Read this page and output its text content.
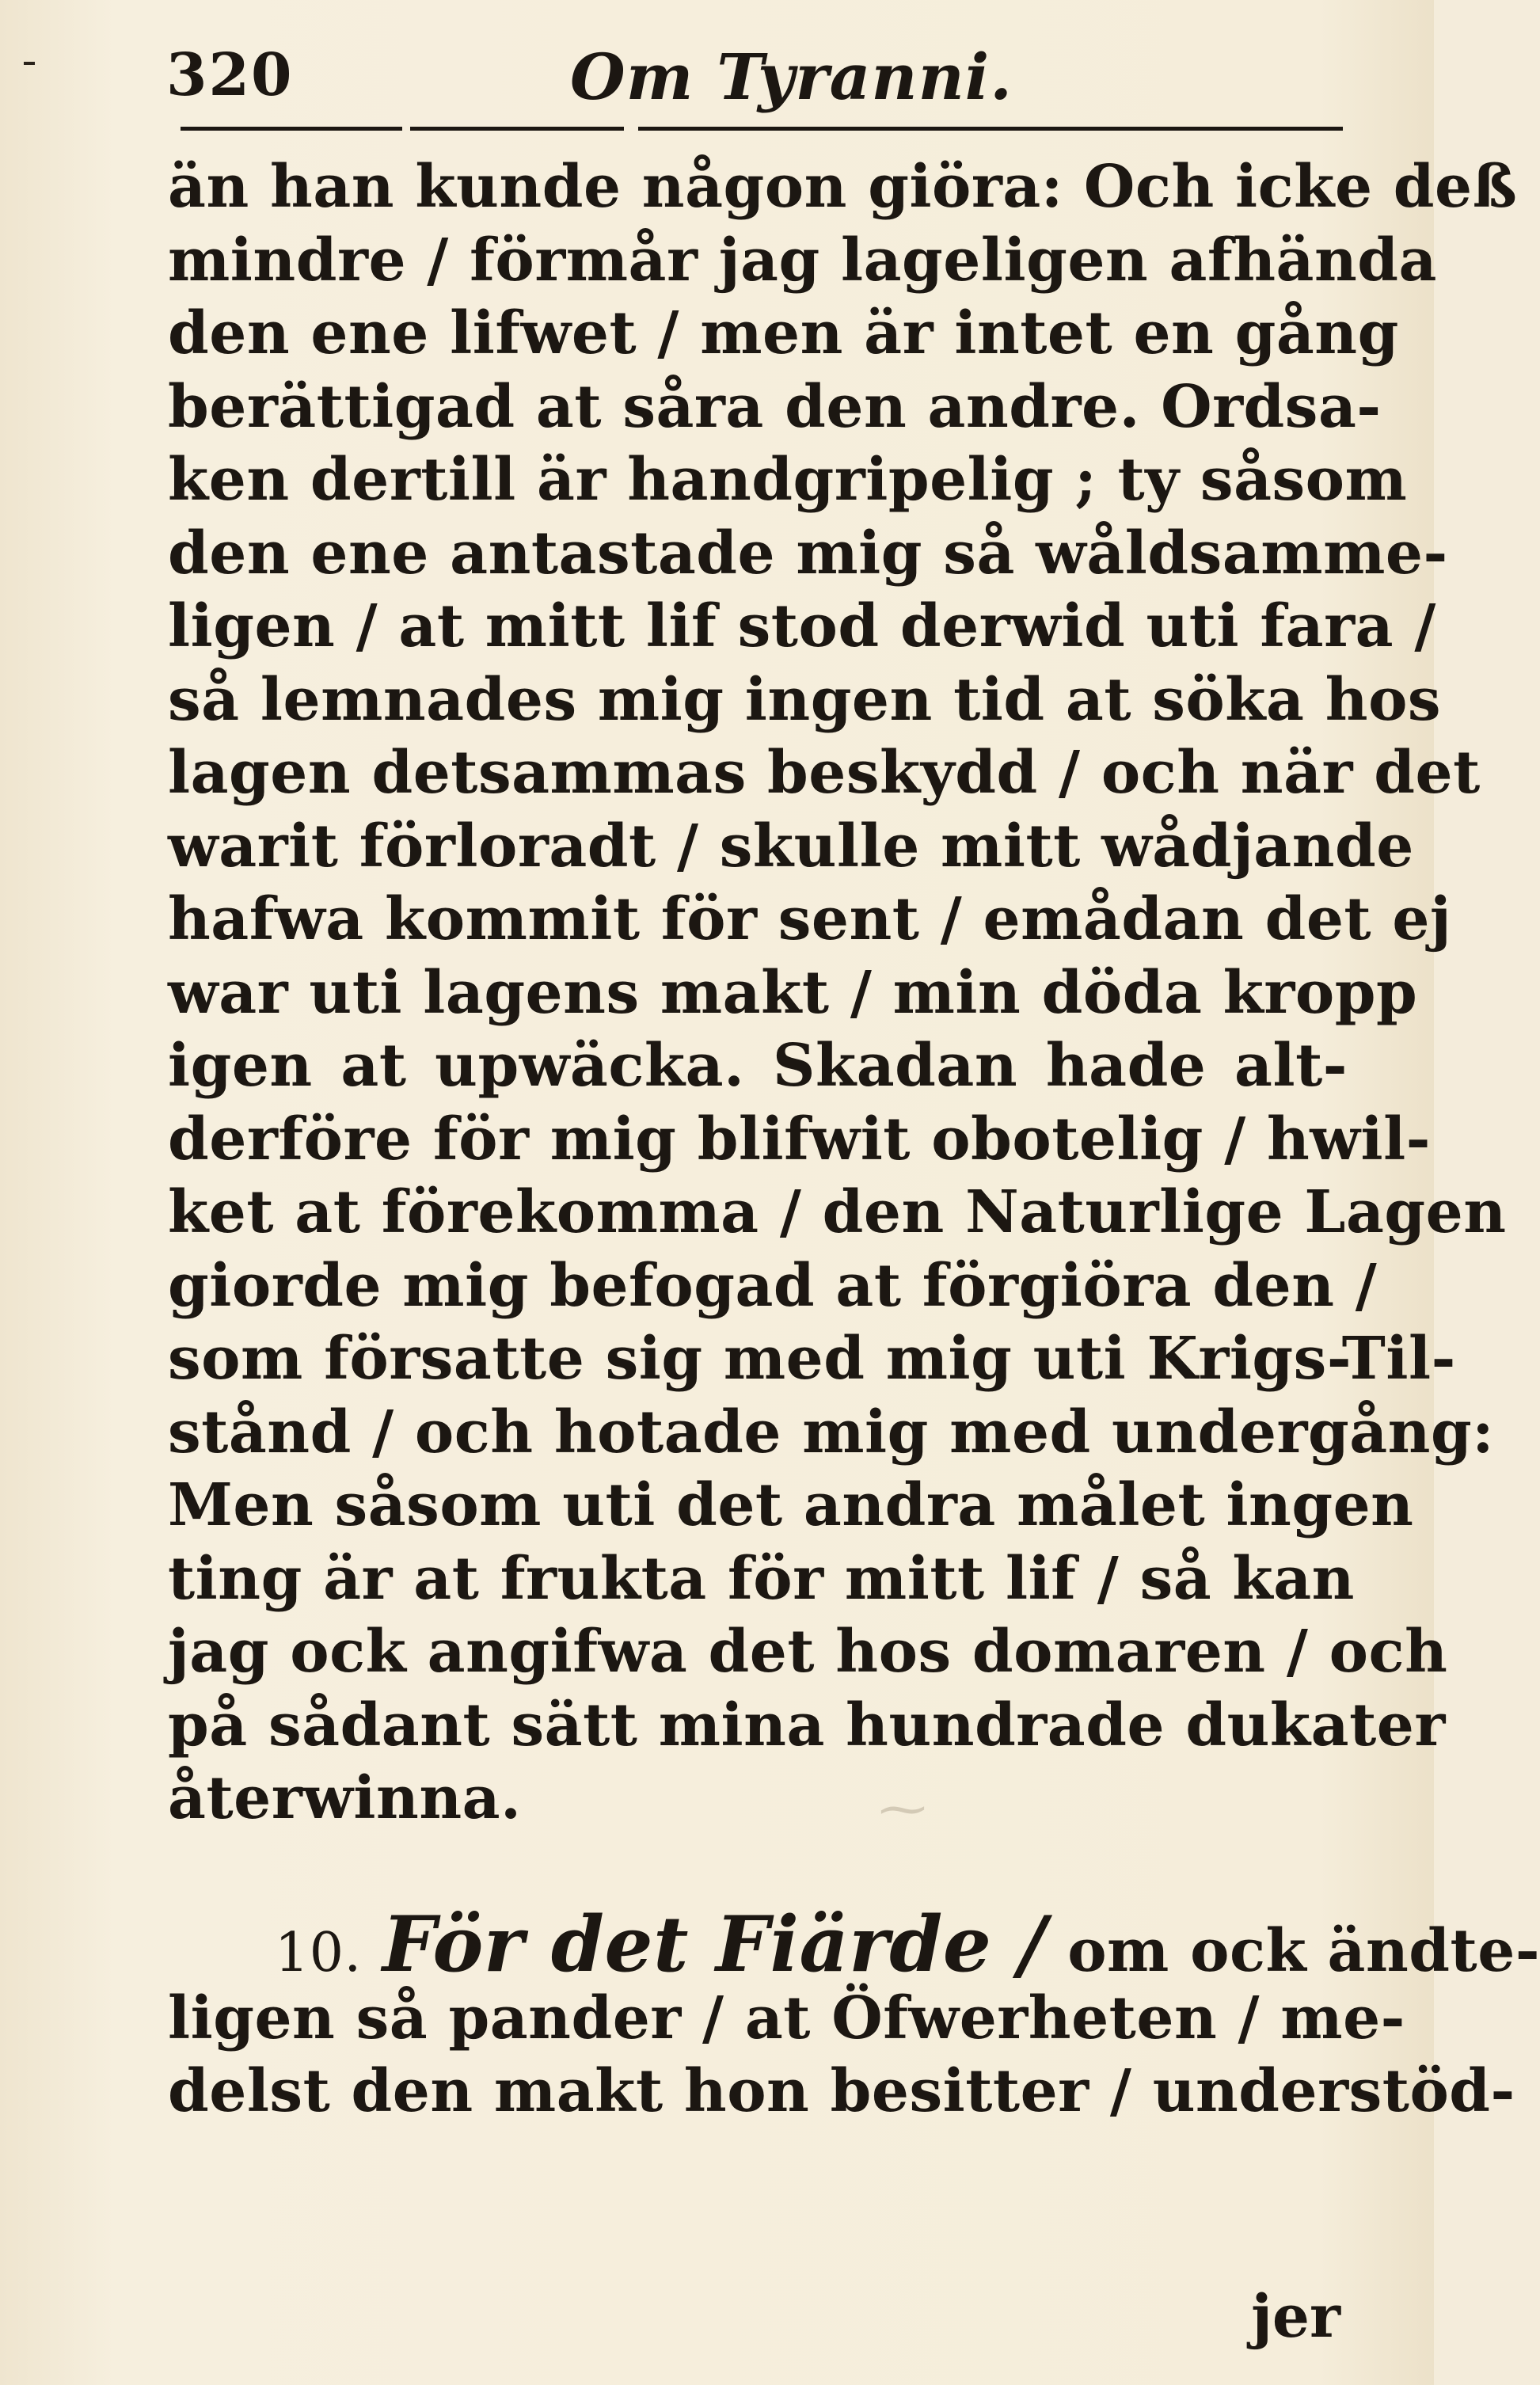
320	Om Tyranni.
⁓
än han kunde någon giöra: Och icke deß
mindre / förmår jag lageligen afhända
den ene lifwet / men är intet en gång
berättigad at såra den andre. Ordsa-
ken dertill är handgripelig ; ty såsom
den ene antastade mig så wåldsamme-
ligen / at mitt lif stod derwid uti fara /
så lemnades mig ingen tid at söka hos
lagen detsammas beskydd / och när det
warit förloradt / skulle mitt wådjande
hafwa kommit för sent / emådan det ej
war uti lagens makt / min döda kropp
igen at upwäcka. Skadan hade alt-
derföre för mig blifwit obotelig / hwil-
ket at förekomma / den Naturlige Lagen
giorde mig befogad at förgiöra den /
som försatte sig med mig uti Krigs-Til-
stånd / och hotade mig med undergång:
Men såsom uti det andra målet ingen
ting är at frukta för mitt lif / så kan
jag ock angifwa det hos domaren / och
på sådant sätt mina hundrade dukater
återwinna.
10. För det Fiärde / om ock ändte-
ligen så pander / at Öfwerheten / me-
delst den makt hon besitter / understöd-
jer
